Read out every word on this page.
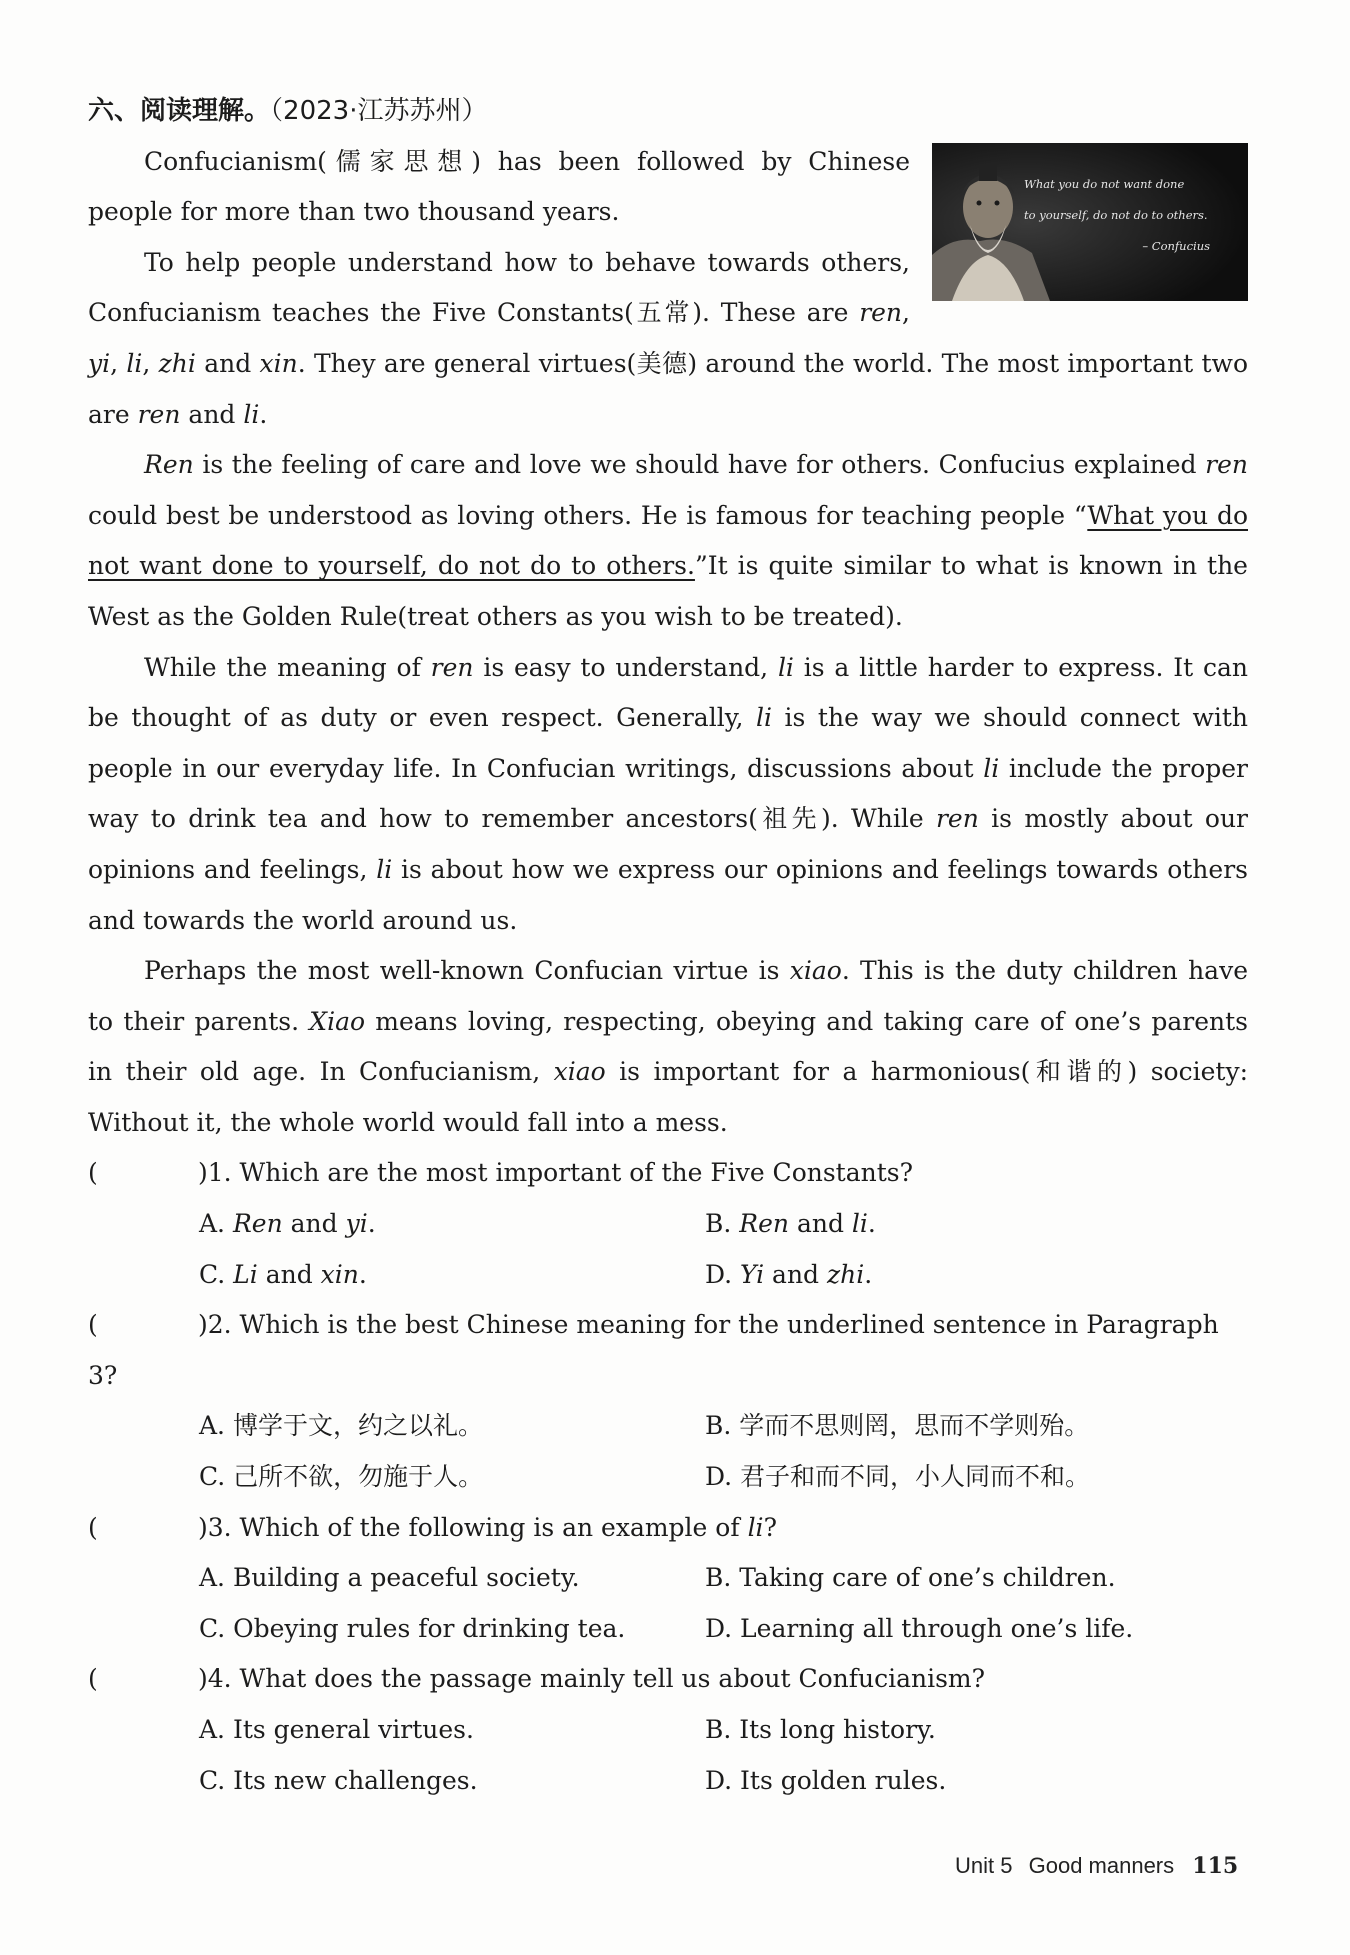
六、阅读理解。（2023·江苏苏州）
What you do not want done
to yourself, do not do to others.
– Confucius

Confucianism(儒家思想) has been followed by Chinese people for more than two thousand years.

To help people understand how to behave towards others, Confucianism teaches the Five Constants(五常). These are ren, yi, li, zhi and xin. They are general virtues(美德) around the world. The most important two are ren and li.

Ren is the feeling of care and love we should have for others. Confucius explained ren could best be understood as loving others. He is famous for teaching people “What you do not want done to yourself, do not do to others.”It is quite similar to what is known in the West as the Golden Rule(treat others as you wish to be treated).

While the meaning of ren is easy to understand, li is a little harder to express. It can be thought of as duty or even respect. Generally, li is the way we should connect with people in our everyday life. In Confucian writings, discussions about li include the proper way to drink tea and how to remember ancestors(祖先). While ren is mostly about our opinions and feelings, li is about how we express our opinions and feelings towards others and towards the world around us.

Perhaps the most well-known Confucian virtue is xiao. This is the duty children have to their parents. Xiao means loving, respecting, obeying and taking care of one’s parents in their old age. In Confucianism, xiao is important for a harmonious(和谐的) society: Without it, the whole world would fall into a mess.

(	)1. Which are the most important of the Five Constants?
A. Ren and yi.	B. Ren and li.
C. Li and xin.	D. Yi and zhi.
(	)2. Which is the best Chinese meaning for the underlined sentence in Paragraph 3?
A. 博学于文，约之以礼。	B. 学而不思则罔，思而不学则殆。
C. 己所不欲，勿施于人。	D. 君子和而不同，小人同而不和。
(	)3. Which of the following is an example of li?
A. Building a peaceful society.	B. Taking care of one’s children.
C. Obeying rules for drinking tea.	D. Learning all through one’s life.
(	)4. What does the passage mainly tell us about Confucianism?
A. Its general virtues.	B. Its long history.
C. Its new challenges.	D. Its golden rules.
Unit 5 Good manners 115
